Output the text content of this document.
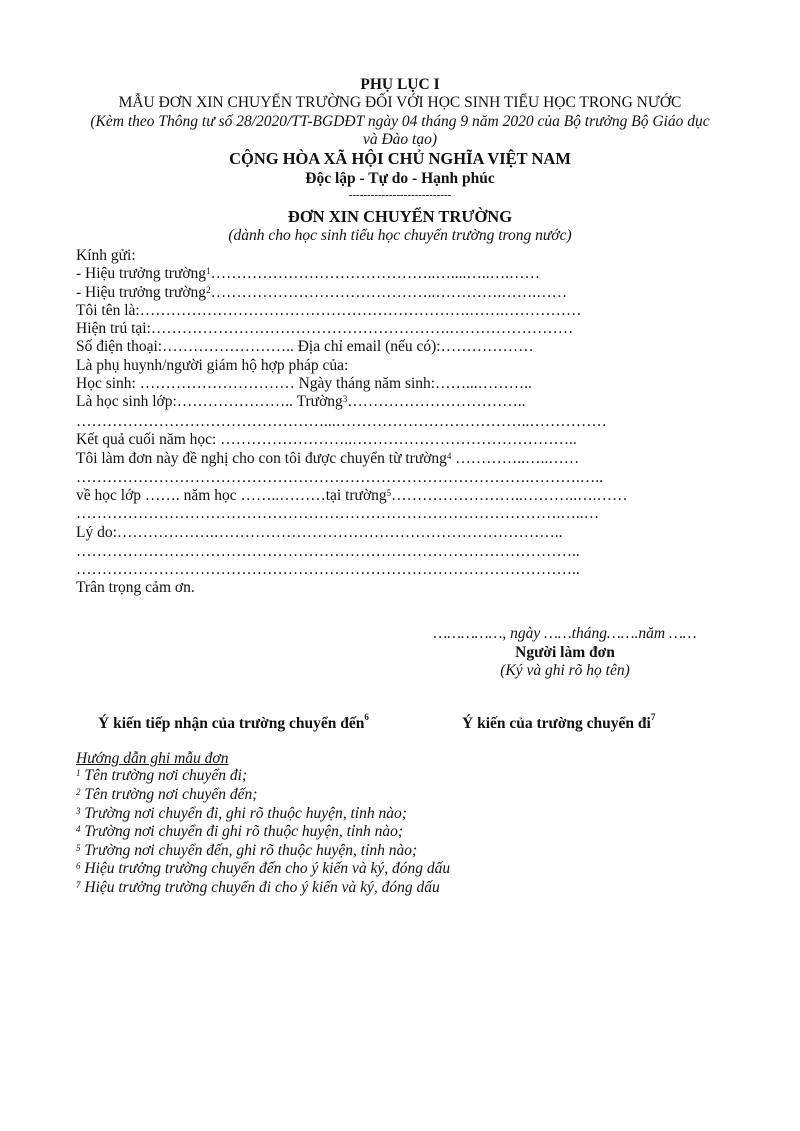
PHỤ LỤC I
MẪU ĐƠN XIN CHUYỂN TRƯỜNG ĐỐI VỚI HỌC SINH TIỂU HỌC TRONG NƯỚC
(Kèm theo Thông tư số 28/2020/TT-BGDĐT ngày 04 tháng 9 năm 2020 của Bộ trưởng Bộ Giáo dục
và Đào tạo)
CỘNG HÒA XÃ HỘI CHỦ NGHĨA VIỆT NAM
Độc lập - Tự do - Hạnh phúc
----------------------------
ĐƠN XIN CHUYỂN TRƯỜNG
(dành cho học sinh tiểu học chuyển trường trong nước)
Kính gửi:
- Hiệu trưởng trường$^1$……………………………………..…....…..….……
- Hiệu trưởng trường$^2$……………………………………..………….…….……
Tôi tên là:……………………………………………………….…….……………
Hiện trú tại:………………………………………………….……………………
Số điện thoại:…………………….. Địa chỉ email (nếu có):………………
Là phụ huynh/người giám hộ hợp pháp của:
Học sinh: ………………………… Ngày tháng năm sinh:……...………..
Là học sinh lớp:………………….. Trường$^3$……………………………..
…………………………………………...………………………………..……………
Kết quả cuối năm học: ……………………..……………………………………..
Tôi làm đơn này đề nghị cho con tôi được chuyển từ trường$^4$ …………..…..……
…………………………………………………………………………….……….…..
về học lớp ……. năm học ……..………tại trường$^5$……………………..………..….……
………………………………………………………………………………….…..…
Lý do:……………….…………………………………………………………..
……………………………………………………………………………………..
……………………………………………………………………………………..
Trân trọng cảm ơn.
……………, ngày ……tháng…….năm ……
Người làm đơn
(Ký và ghi rõ họ tên)
Ý kiến tiếp nhận của trường chuyển đến$^6$	Ý kiến của trường chuyển $đi^7$
Hướng dẫn ghi mẫu đơn
$^1$ Tên trường nơi chuyển đi;
$^2$ Tên trường nơi chuyển đến;
$^3$ Trường nơi chuyển đi, ghi rõ thuộc huyện, tỉnh nào;
$^4$ Trường nơi chuyển đi ghi rõ thuộc huyện, tỉnh nào;
$^5$ Trường nơi chuyển đến, ghi rõ thuộc huyện, tỉnh nào;
$^6$ Hiệu trưởng trường chuyển đến cho ý kiến và ký, đóng dấu
$^7$ Hiệu trưởng trường chuyển đi cho ý kiến và ký, đóng dấu
